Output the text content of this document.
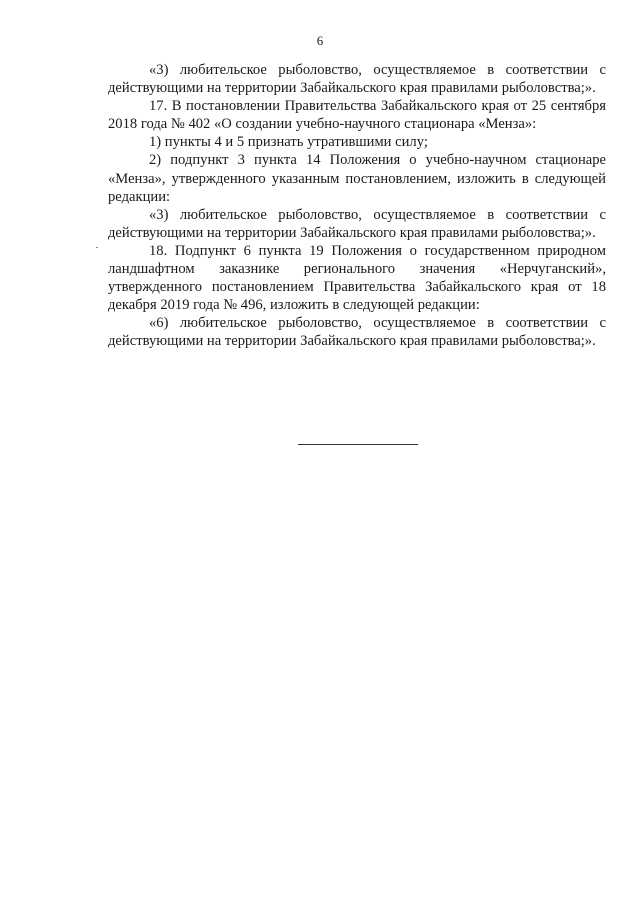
6

«3) любительское рыболовство, осуществляемое в соответствии с действующими на территории Забайкальского края правилами рыболовства;».

17. В постановлении Правительства Забайкальского края от 25 сентября 2018 года № 402 «О создании учебно-научного стационара «Менза»:

1) пункты 4 и 5 признать утратившими силу;

2) подпункт 3 пункта 14 Положения о учебно-научном стационаре «Менза», утвержденного указанным постановлением, изложить в следующей редакции:

«3) любительское рыболовство, осуществляемое в соответствии с действующими на территории Забайкальского края правилами рыболовства;».

18. Подпункт 6 пункта 19 Положения о государственном природном ландшафтном заказнике регионального значения «Нерчуганский», утвержденного постановлением Правительства Забайкальского края от 18 декабря 2019 года № 496, изложить в следующей редакции:

«6) любительское рыболовство, осуществляемое в соответствии с действующими на территории Забайкальского края правилами рыболовства;».
